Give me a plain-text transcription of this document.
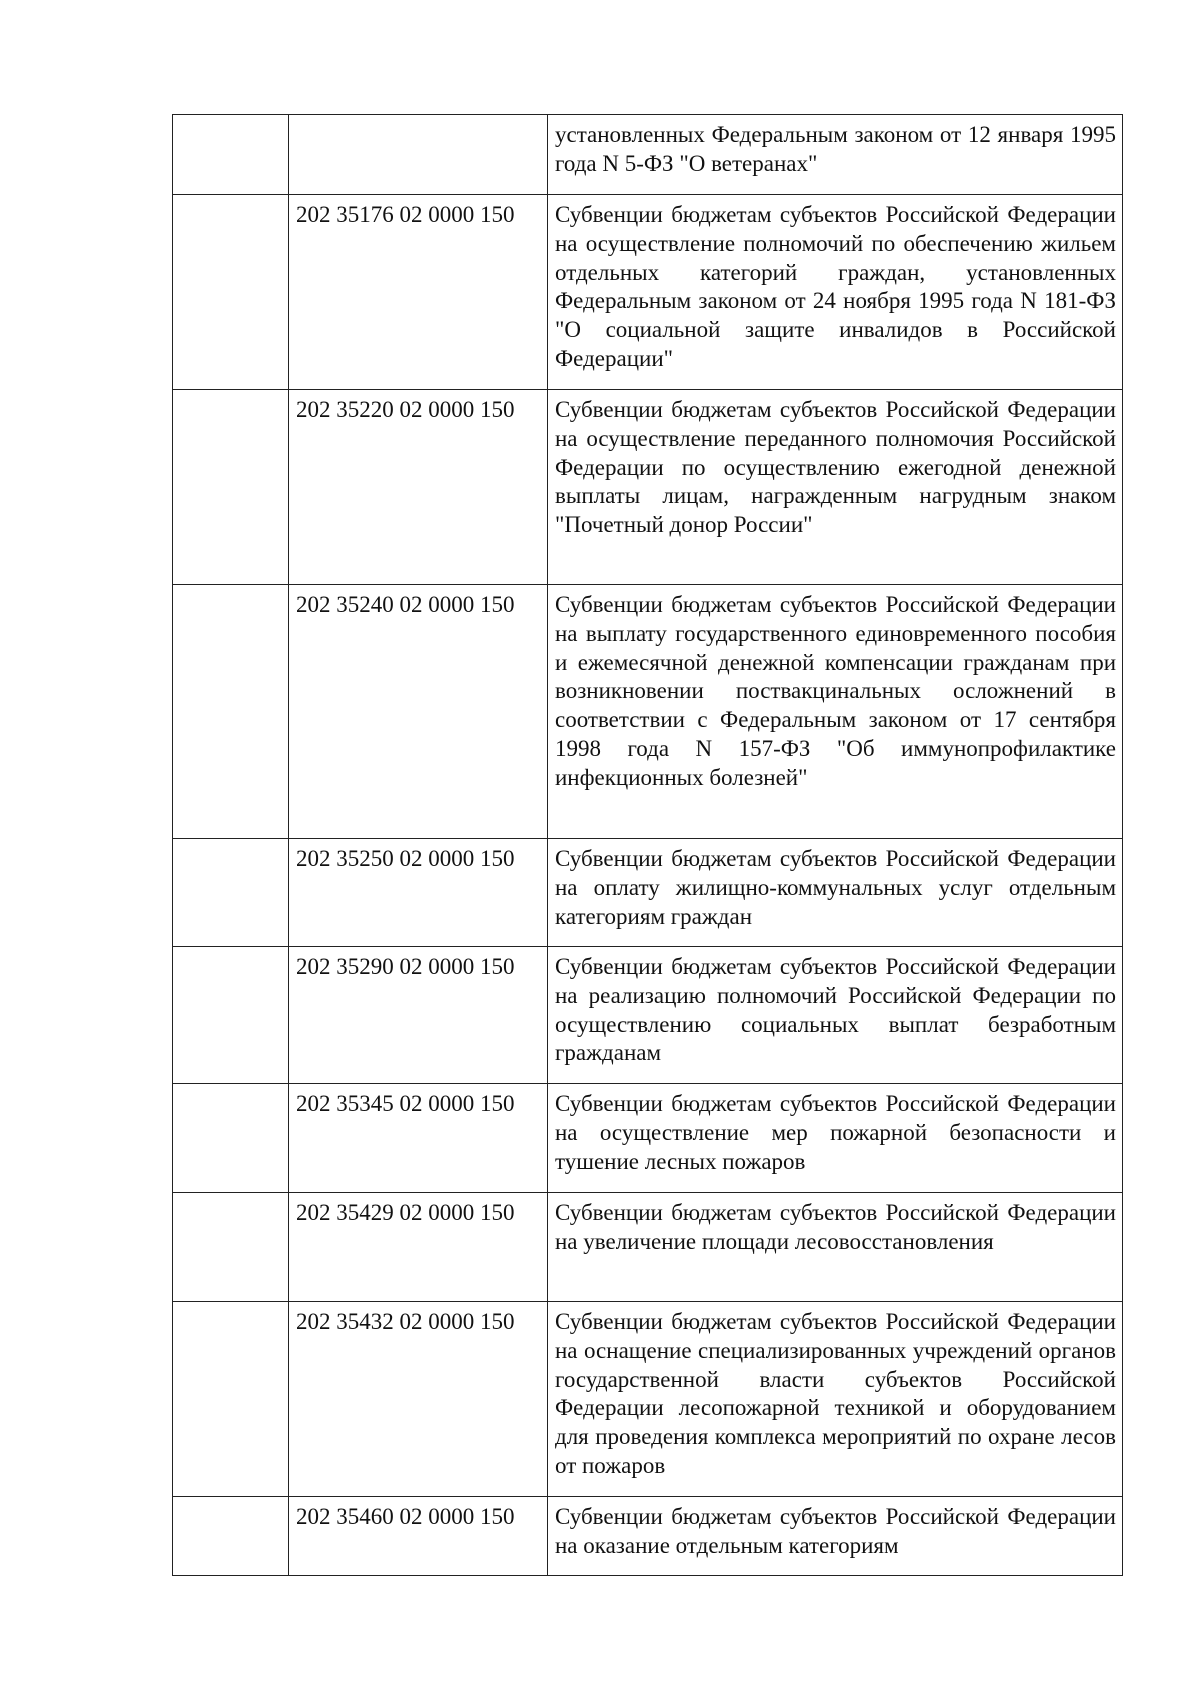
		установленных Федеральным законом от 12 января 1995 года N 5-ФЗ "О ветеранах"
	202 35176 02 0000 150	Субвенции бюджетам субъектов Российской Федерации на осуществление полномочий по обеспечению жильем отдельных категорий граждан, установленных Федеральным законом от 24 ноября 1995 года N 181-ФЗ "О социальной защите инвалидов в Российской Федерации"
	202 35220 02 0000 150	Субвенции бюджетам субъектов Российской Федерации на осуществление переданного полномочия Российской Федерации по осуществлению ежегодной денежной выплаты лицам, награжденным нагрудным знаком "Почетный донор России"
	202 35240 02 0000 150	Субвенции бюджетам субъектов Российской Федерации на выплату государственного единовременного пособия и ежемесячной денежной компенсации гражданам при возникновении поствакцинальных осложнений в соответствии с Федеральным законом от 17 сентября 1998 года N 157-ФЗ "Об иммунопрофилактике инфекционных болезней"
	202 35250 02 0000 150	Субвенции бюджетам субъектов Российской Федерации на оплату жилищно-коммунальных услуг отдельным категориям граждан
	202 35290 02 0000 150	Субвенции бюджетам субъектов Российской Федерации на реализацию полномочий Российской Федерации по осуществлению социальных выплат безработным гражданам
	202 35345 02 0000 150	Субвенции бюджетам субъектов Российской Федерации на осуществление мер пожарной безопасности и тушение лесных пожаров
	202 35429 02 0000 150	Субвенции бюджетам субъектов Российской Федерации на увеличение площади лесовосстановления
	202 35432 02 0000 150	Субвенции бюджетам субъектов Российской Федерации на оснащение специализированных учреждений органов государственной власти субъектов Российской Федерации лесопожарной техникой и оборудованием для проведения комплекса мероприятий по охране лесов от пожаров
	202 35460 02 0000 150	Субвенции бюджетам субъектов Российской Федерации на оказание отдельным категориям
